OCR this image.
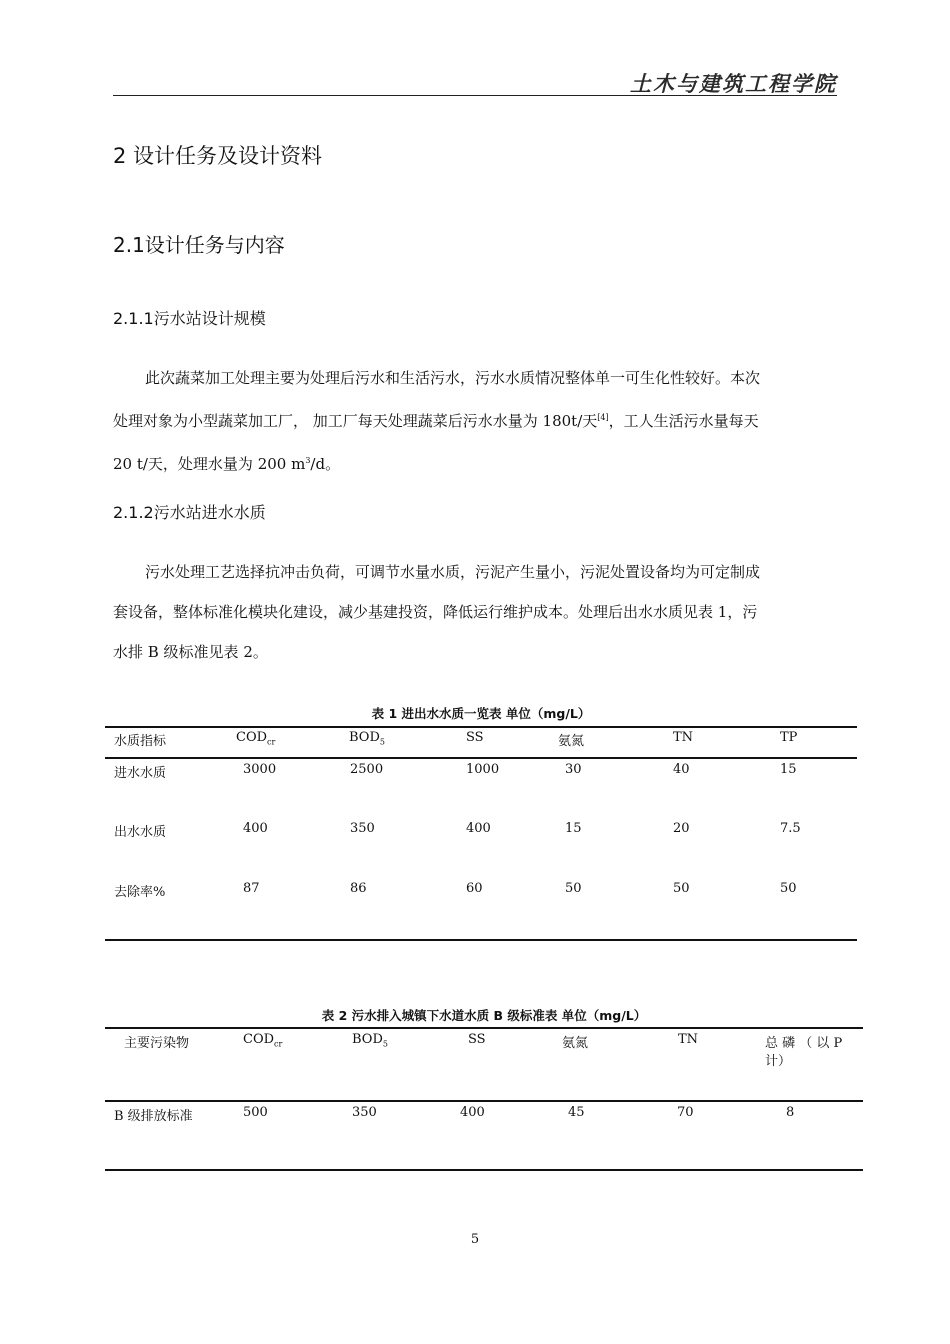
土木与建筑工程学院
2 设计任务及设计资料
2.1设计任务与内容
2.1.1污水站设计规模

此次蔬菜加工处理主要为处理后污水和生活污水，污水水质情况整体单一可生化性较好。本次

处理对象为小型蔬菜加工厂， 加工厂每天处理蔬菜后污水水量为 180t/天[4]，工人生活污水量每天
20 t/天，处理水量为 200 $m^3/d$。
2.1.2污水站进水水质

污水处理工艺选择抗冲击负荷，可调节水量水质，污泥产生量小，污泥处置设备均为可定制成

套设备，整体标准化模块化建设，减少基建投资，降低运行维护成本。处理后出水水质见表 1，污
水排 B 级标准见表 2。
表 1 进出水水质一览表 单位（mg/L）
水质指标	$COD_{cr}$	$BOD_5$	SS	氨氮	TN	TP
进水水质	3000	2500	1000	30	40	15
出水水质	400	350	400	15	20	7.5
去除率%	87	86	60	50	50	50
表 2 污水排入城镇下水道水质 B 级标准表 单位（mg/L）
主要污染物	$COD_{cr}$	$BOD_5$	SS	氨氮	TN	总 磷 （ 以 P
计）
B 级排放标准	500	350	400	45	70	8
5
